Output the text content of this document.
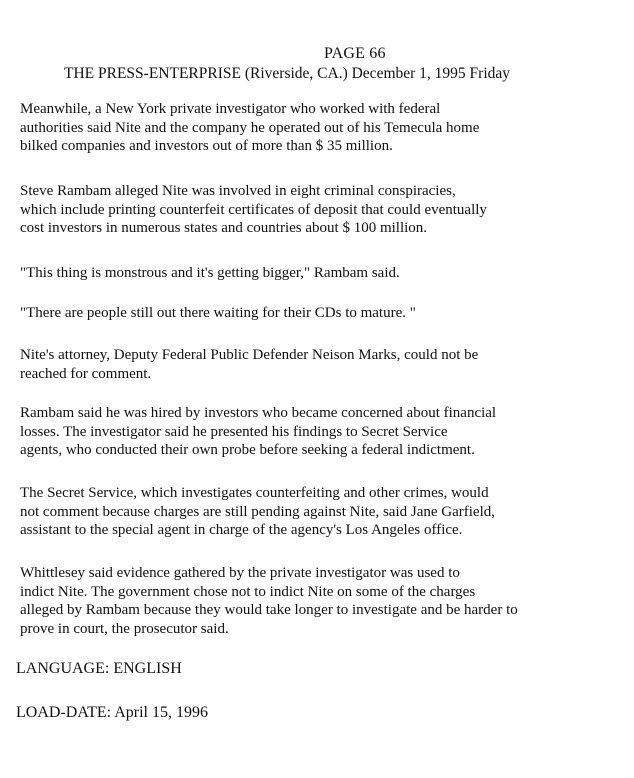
PAGE 66
THE PRESS-ENTERPRISE (Riverside, CA.) December 1, 1995 Friday
Meanwhile, a New York private investigator who worked with federal
authorities said Nite and the company he operated out of his Temecula home
bilked companies and investors out of more than $ 35 million.
Steve Rambam alleged Nite was involved in eight criminal conspiracies,
which include printing counterfeit certificates of deposit that could eventually
cost investors in numerous states and countries about $ 100 million.
"This thing is monstrous and it's getting bigger," Rambam said.
"There are people still out there waiting for their CDs to mature. "
Nite's attorney, Deputy Federal Public Defender Neison Marks, could not be
reached for comment.
Rambam said he was hired by investors who became concerned about financial
losses. The investigator said he presented his findings to Secret Service
agents, who conducted their own probe before seeking a federal indictment.
The Secret Service, which investigates counterfeiting and other crimes, would
not comment because charges are still pending against Nite, said Jane Garfield,
assistant to the special agent in charge of the agency's Los Angeles office.
Whittlesey said evidence gathered by the private investigator was used to
indict Nite. The government chose not to indict Nite on some of the charges
alleged by Rambam because they would take longer to investigate and be harder to
prove in court, the prosecutor said.
LANGUAGE: ENGLISH
LOAD-DATE: April 15, 1996
